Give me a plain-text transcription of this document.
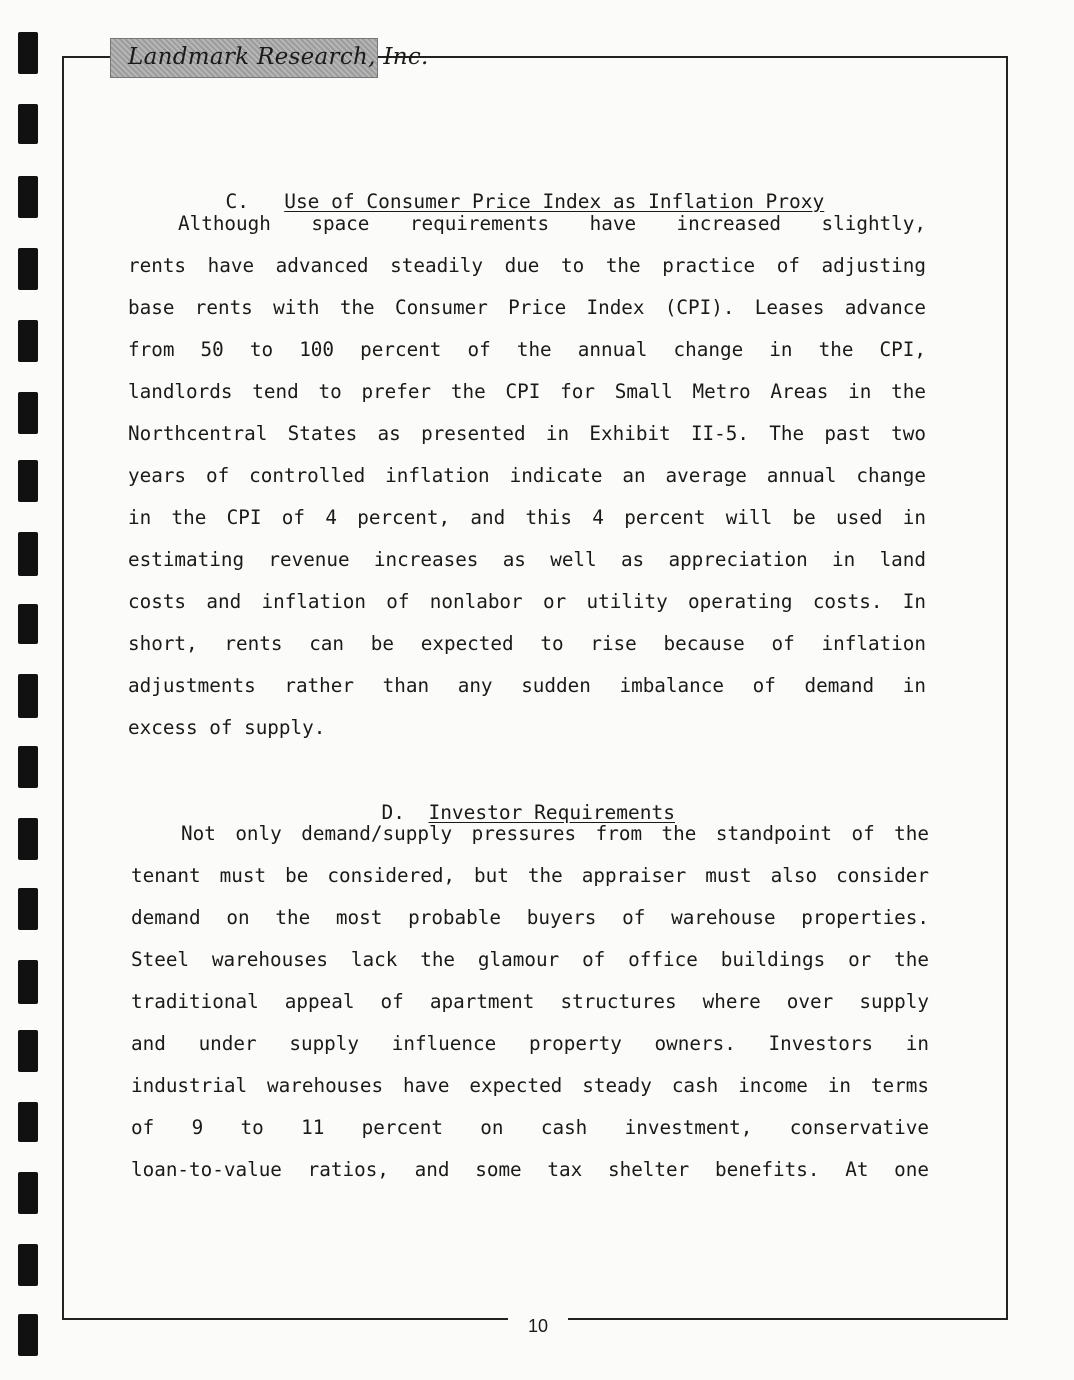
Landmark Research, Inc.

C. Use of Consumer Price Index as Inflation Proxy

Although space requirements have increased slightly,
rents have advanced steadily due to the practice of adjusting
base rents with the Consumer Price Index (CPI). Leases advance
from 50 to 100 percent of the annual change in the CPI,
landlords tend to prefer the CPI for Small Metro Areas in the
Northcentral States as presented in Exhibit II-5. The past two
years of controlled inflation indicate an average annual change
in the CPI of 4 percent, and this 4 percent will be used in
estimating revenue increases as well as appreciation in land
costs and inflation of nonlabor or utility operating costs. In
short, rents can be expected to rise because of inflation
adjustments rather than any sudden imbalance of demand in
excess of supply.

D. Investor Requirements

Not only demand/supply pressures from the standpoint of the
tenant must be considered, but the appraiser must also consider
demand on the most probable buyers of warehouse properties.
Steel warehouses lack the glamour of office buildings or the
traditional appeal of apartment structures where over supply
and under supply influence property owners. Investors in
industrial warehouses have expected steady cash income in terms
of 9 to 11 percent on cash investment, conservative
loan-to-value ratios, and some tax shelter benefits. At one
10
